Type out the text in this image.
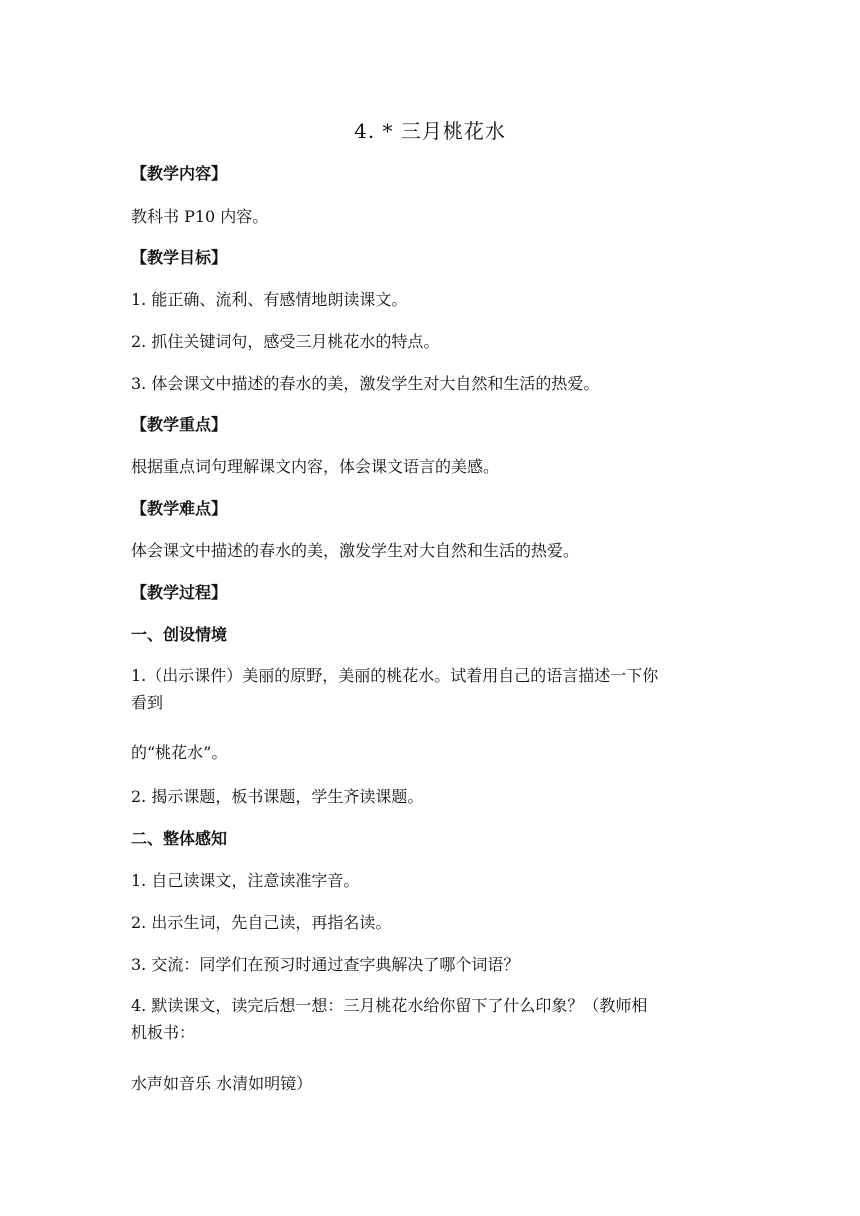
4. * 三月桃花水
【教学内容】
教科书 P10 内容。
【教学目标】
1. 能正确、流利、有感情地朗读课文。
2. 抓住关键词句，感受三月桃花水的特点。
3. 体会课文中描述的春水的美，激发学生对大自然和生活的热爱。
【教学重点】
根据重点词句理解课文内容，体会课文语言的美感。
【教学难点】
体会课文中描述的春水的美，激发学生对大自然和生活的热爱。
【教学过程】
一、创设情境
1.（出示课件）美丽的原野，美丽的桃花水。试着用自己的语言描述一下你
看到
的“桃花水”。
2. 揭示课题，板书课题，学生齐读课题。
二、整体感知
1. 自己读课文，注意读准字音。
2. 出示生词，先自己读，再指名读。
3. 交流：同学们在预习时通过查字典解决了哪个词语？
4. 默读课文，读完后想一想：三月桃花水给你留下了什么印象？（教师相
机板书：
水声如音乐 水清如明镜）
